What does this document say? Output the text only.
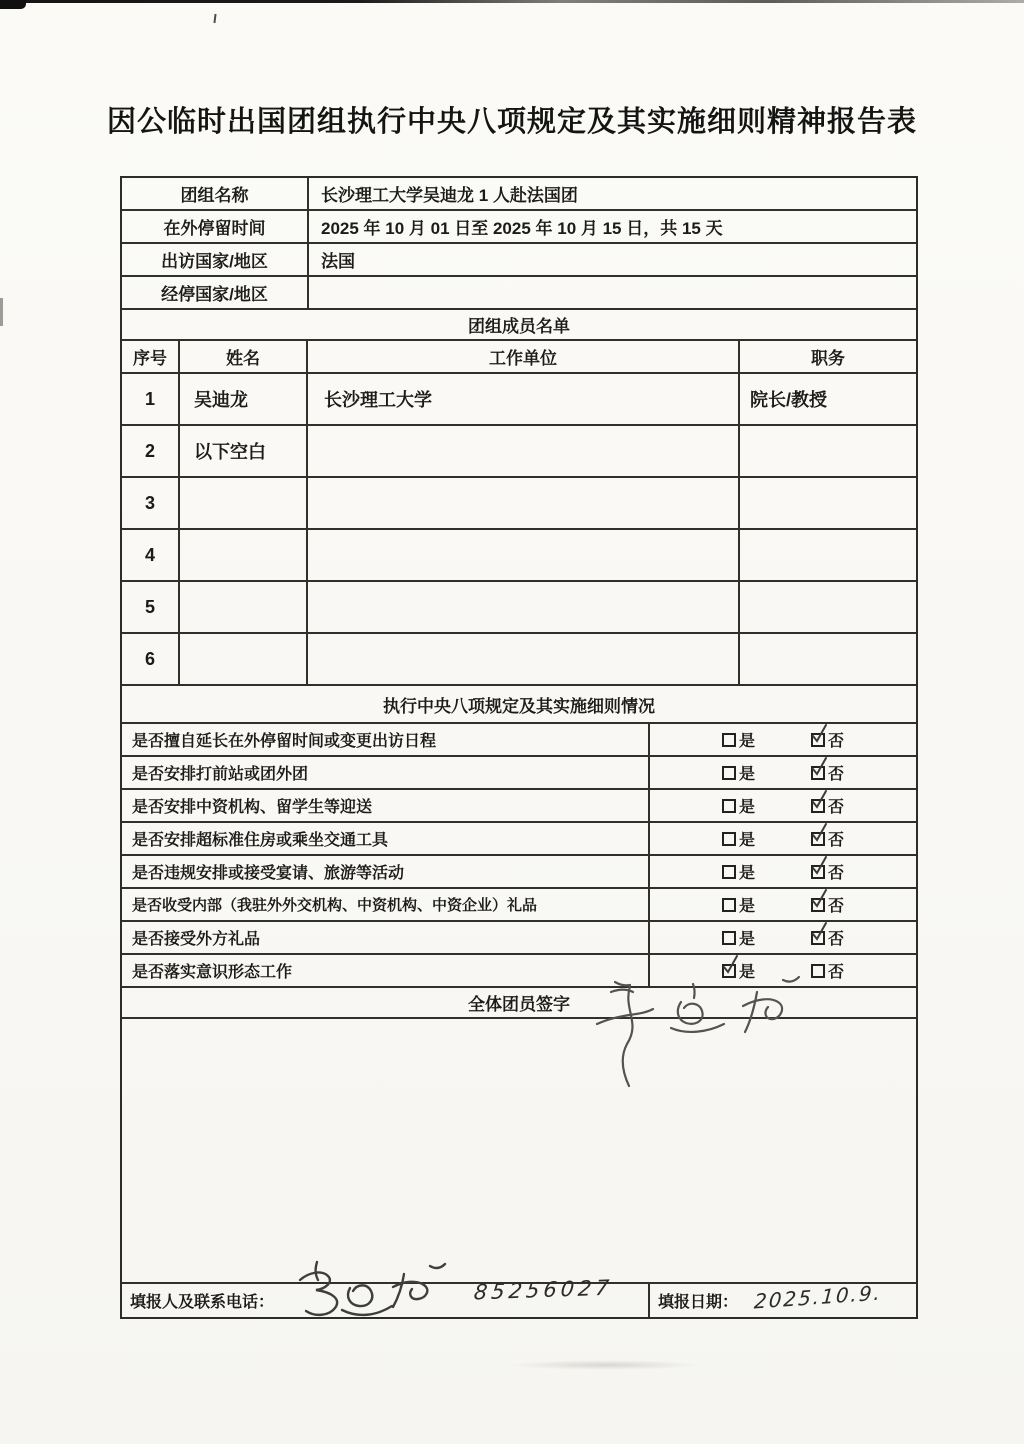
因公临时出国团组执行中央八项规定及其实施细则精神报告表
团组名称	长沙理工大学吴迪龙 1 人赴法国团
在外停留时间	2025 年 10 月 01 日至 2025 年 10 月 15 日，共 15 天
出访国家/地区	法国
经停国家/地区
团组成员名单
序号	姓名	工作单位	职务
1	吴迪龙	长沙理工大学	院长/教授
2	以下空白
3
4
5
6
执行中央八项规定及其实施细则情况
是否擅自延长在外停留时间或变更出访日程	是	否
是否安排打前站或团外团	是	否
是否安排中资机构、留学生等迎送	是	否
是否安排超标准住房或乘坐交通工具	是	否
是否违规安排或接受宴请、旅游等活动	是	否
是否收受内部（我驻外外交机构、中资机构、中资企业）礼品	是	否
是否接受外方礼品	是	否
是否落实意识形态工作	是	否
全体团员签字
填报人及联系电话：	85256027	填报日期： 2025.10.9.
